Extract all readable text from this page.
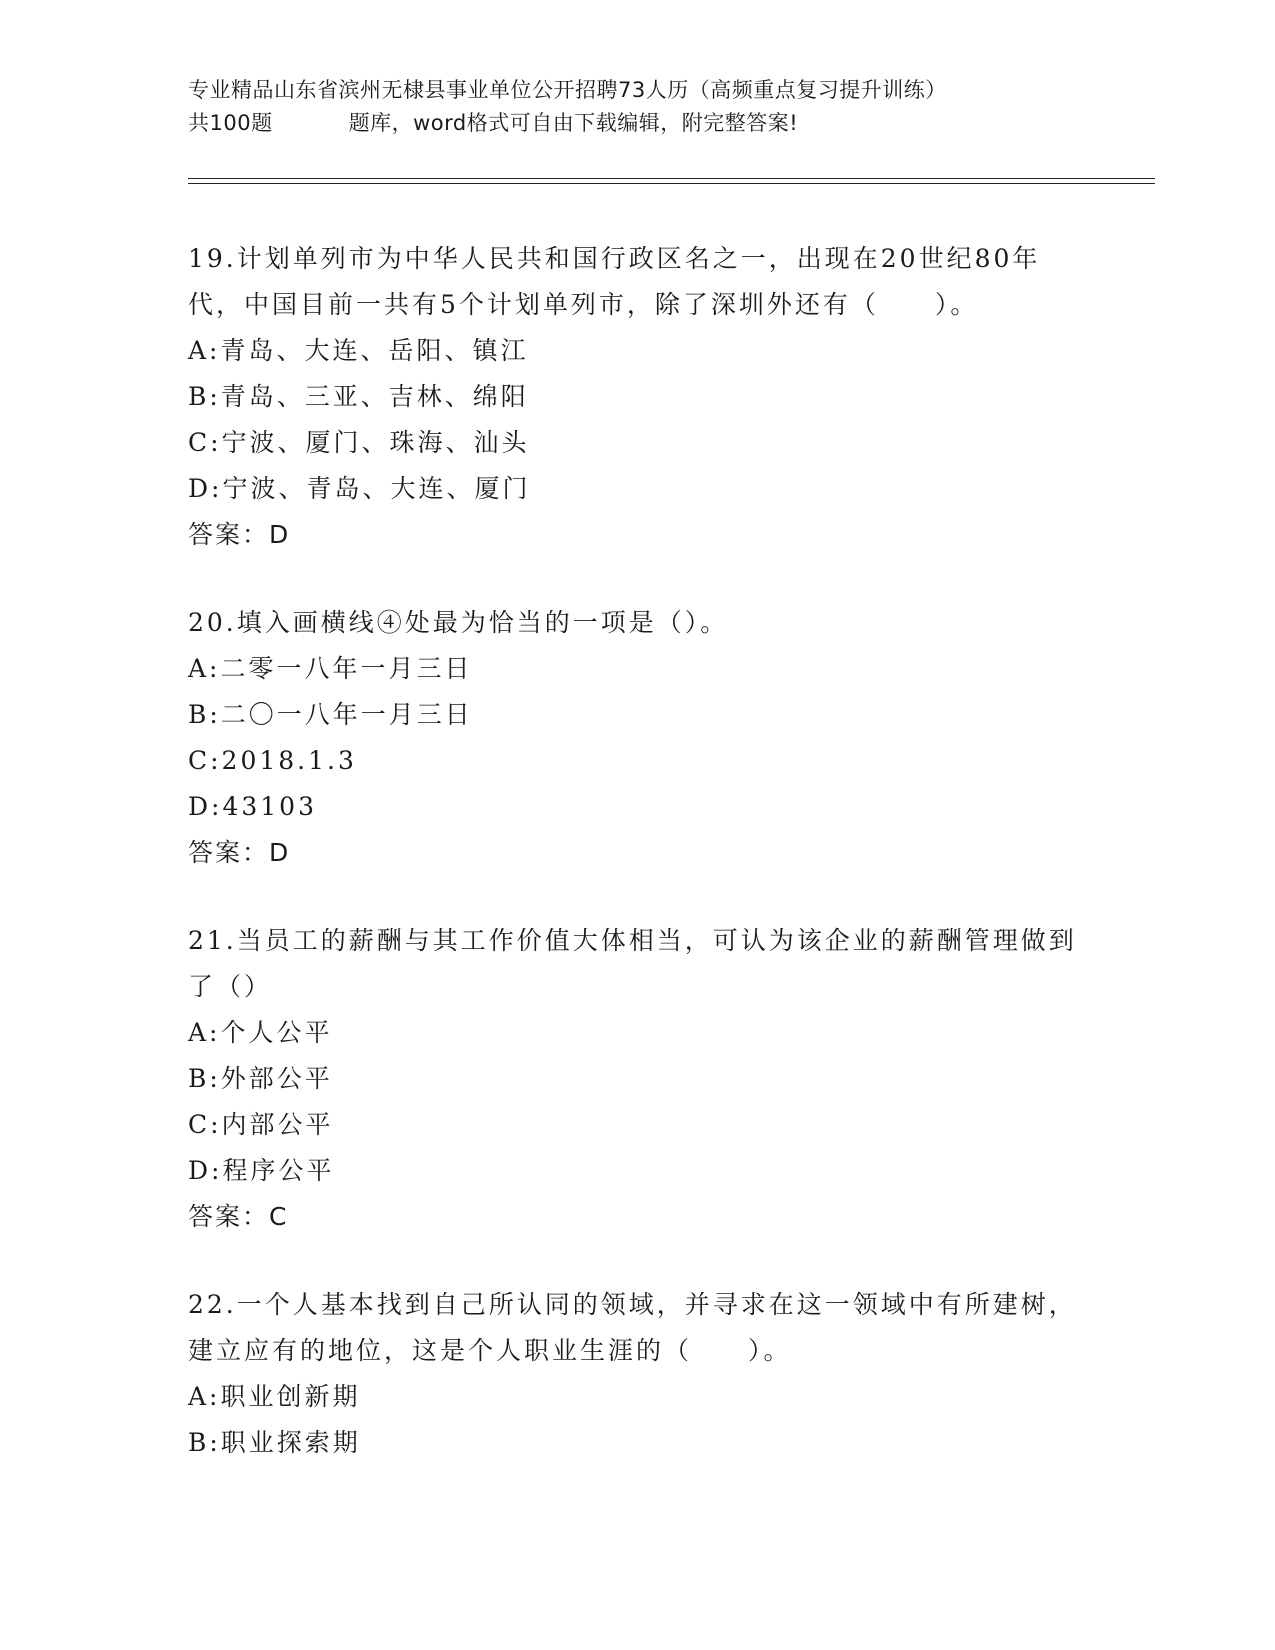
专业精品山东省滨州无棣县事业单位公开招聘73人历（高频重点复习提升训练）
共100题	题库，word格式可自由下载编辑，附完整答案!
19.计划单列市为中华人民共和国行政区名之一，出现在20世纪80年代，中国目前一共有5个计划单列市，除了深圳外还有（　　）。
A:青岛、大连、岳阳、镇江
B:青岛、三亚、吉林、绵阳
C:宁波、厦门、珠海、汕头
D:宁波、青岛、大连、厦门
答案：D
20.填入画横线④处最为恰当的一项是（）。
A:二零一八年一月三日
B:二〇一八年一月三日
C:2018.1.3
D:43103
答案：D
21.当员工的薪酬与其工作价值大体相当，可认为该企业的薪酬管理做到了（）
A:个人公平
B:外部公平
C:内部公平
D:程序公平
答案：C
22.一个人基本找到自己所认同的领域，并寻求在这一领域中有所建树，建立应有的地位，这是个人职业生涯的（　　）。
A:职业创新期
B:职业探索期
